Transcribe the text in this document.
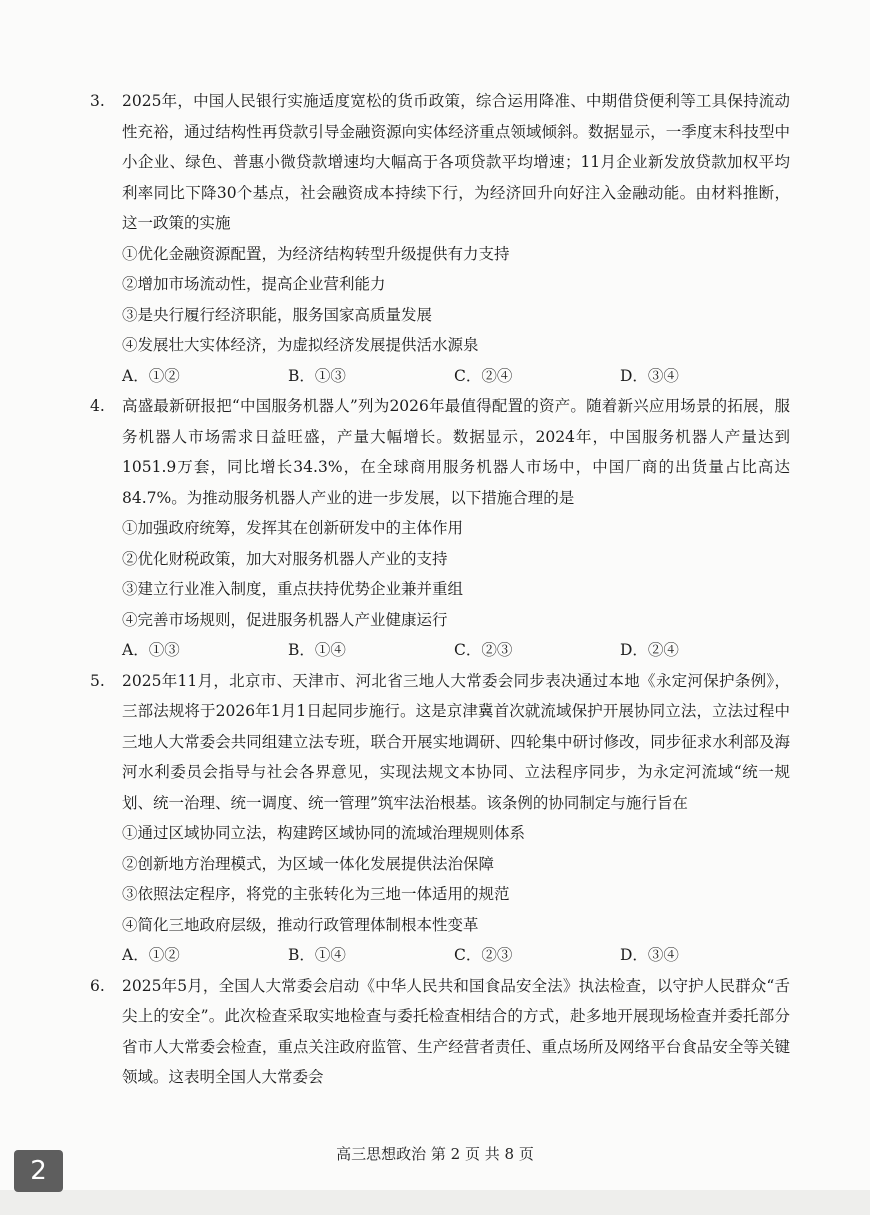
3.	2025年，中国人民银行实施适度宽松的货币政策，综合运用降准、中期借贷便利等工具保持流动性充裕，通过结构性再贷款引导金融资源向实体经济重点领域倾斜。数据显示，一季度末科技型中小企业、绿色、普惠小微贷款增速均大幅高于各项贷款平均增速；11月企业新发放贷款加权平均利率同比下降30个基点，社会融资成本持续下行，为经济回升向好注入金融动能。由材料推断，这一政策的实施

①优化金融资源配置，为经济结构转型升级提供有力支持

②增加市场流动性，提高企业营利能力

③是央行履行经济职能，服务国家高质量发展

④发展壮大实体经济，为虚拟经济发展提供活水源泉

A．①②	B．①③	C．②④	D．③④
4.	高盛最新研报把“中国服务机器人”列为2026年最值得配置的资产。随着新兴应用场景的拓展，服务机器人市场需求日益旺盛，产量大幅增长。数据显示，2024年，中国服务机器人产量达到1051.9万套，同比增长34.3%，在全球商用服务机器人市场中，中国厂商的出货量占比高达84.7%。为推动服务机器人产业的进一步发展，以下措施合理的是

①加强政府统筹，发挥其在创新研发中的主体作用

②优化财税政策，加大对服务机器人产业的支持

③建立行业准入制度，重点扶持优势企业兼并重组

④完善市场规则，促进服务机器人产业健康运行

A．①③	B．①④	C．②③	D．②④
5.	2025年11月，北京市、天津市、河北省三地人大常委会同步表决通过本地《永定河保护条例》，三部法规将于2026年1月1日起同步施行。这是京津冀首次就流域保护开展协同立法，立法过程中三地人大常委会共同组建立法专班，联合开展实地调研、四轮集中研讨修改，同步征求水利部及海河水利委员会指导与社会各界意见，实现法规文本协同、立法程序同步，为永定河流域“统一规划、统一治理、统一调度、统一管理”筑牢法治根基。该条例的协同制定与施行旨在

①通过区域协同立法，构建跨区域协同的流域治理规则体系

②创新地方治理模式，为区域一体化发展提供法治保障

③依照法定程序，将党的主张转化为三地一体适用的规范

④简化三地政府层级，推动行政管理体制根本性变革

A．①②	B．①④	C．②③	D．③④
6.	2025年5月，全国人大常委会启动《中华人民共和国食品安全法》执法检查，以守护人民群众“舌尖上的安全”。此次检查采取实地检查与委托检查相结合的方式，赴多地开展现场检查并委托部分省市人大常委会检查，重点关注政府监管、生产经营者责任、重点场所及网络平台食品安全等关键领域。这表明全国人大常委会

高三思想政治 第 2 页 共 8 页
2
